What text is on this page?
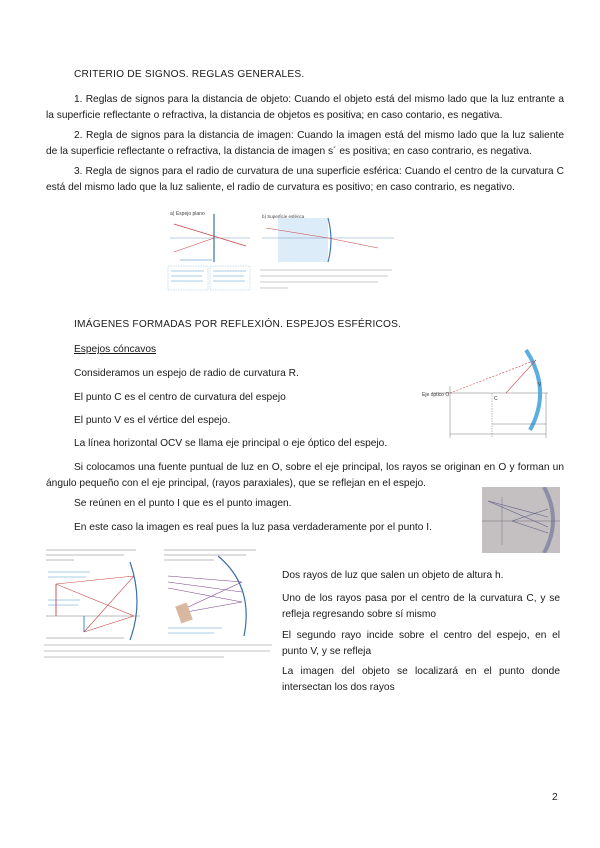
CRITERIO DE SIGNOS. REGLAS GENERALES.
1. Reglas de signos para la distancia de objeto: Cuando el objeto está del mismo lado que la luz entrante a la superficie reflectante o refractiva, la distancia de objetos es positiva; en caso contario, es negativa.
2. Regla de signos para la distancia de imagen: Cuando la imagen está del mismo lado que la luz saliente de la superficie reflectante o refractiva, la distancia de imagen s´ es positiva; en caso contrario, es negativa.
3. Regla de signos para el radio de curvatura de una superficie esférica: Cuando el centro de la curvatura C está del mismo lado que la luz saliente, el radio de curvatura es positivo; en caso contrario, es negativo.
a) Espejo plano	b) Superficie esférica
IMÁGENES FORMADAS POR REFLEXIÓN. ESPEJOS ESFÉRICOS.
Espejos cóncavos
Consideramos un espejo de radio de curvatura R.
El punto C es el centro de curvatura del espejo
El punto V es el vértice del espejo.
La línea horizontal OCV se llama eje principal o eje óptico del espejo.
Eje óptico O
V
C
Si colocamos una fuente puntual de luz en O, sobre el eje principal, los rayos se originan en O y forman un ángulo pequeño con el eje principal, (rayos paraxiales), que se reflejan en el espejo.
Se reúnen en el punto I que es el punto imagen.
En este caso la imagen es real pues la luz pasa verdaderamente por el punto I.
Dos rayos de luz que salen un objeto de altura h.
Uno de los rayos pasa por el centro de la curvatura C, y se refleja regresando sobre sí mismo
El segundo rayo incide sobre el centro del espejo, en el punto V, y se refleja
La imagen del objeto se localizará en el punto donde intersectan los dos rayos
2
